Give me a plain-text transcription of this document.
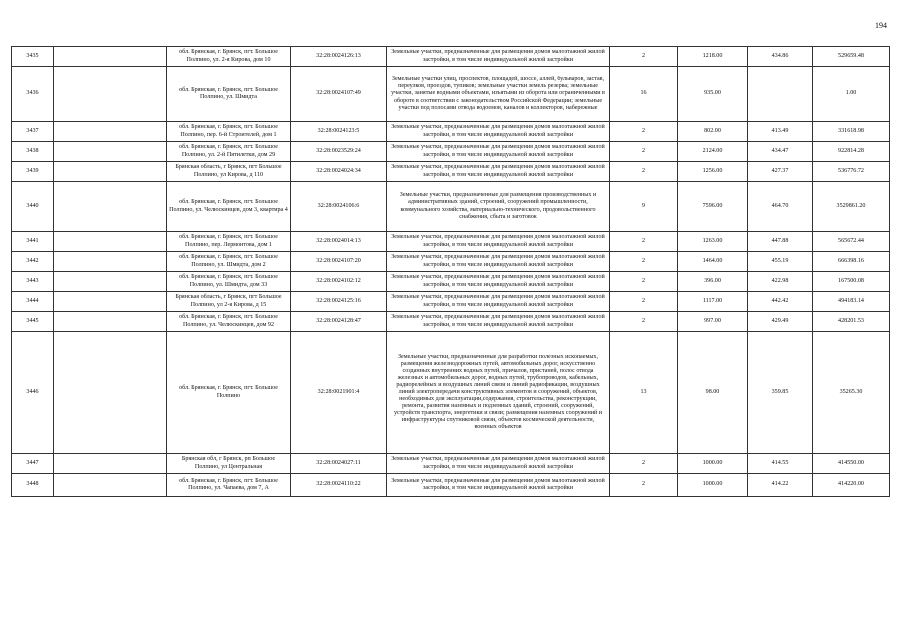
194
3435		обл. Брянская, г. Брянск, пгт. Большое Полпино, ул. 2-я Кирова, дом 10	32:28:0024126:13	Земельные участки, предназначенные для размещения домов малоэтажной жилой застройки, в том числе индивидуальной жилой застройки	2	1218.00	434.86	529659.48
3436		обл. Брянская, г. Брянск, пгт. Большое Полпино, ул. Шмидта	32:28:0024107:49	Земельные участки улиц, проспектов, площадей, шоссе, аллей, бульваров, застав, переулков, проездов, тупиков; земельные участки земель резерва; земельные участки, занятые водными объектами, изъятыми из оборота или ограниченными в обороте в соответствии с законодательством Российской Федерации; земельные участки под полосами отвода водоемов, каналов и коллекторов, набережные	16	935.00		1.00
3437		обл. Брянская, г. Брянск, пгт. Большое Полпино, пер. 6-й Строителей, дом 1	32:28:0024123:5	Земельные участки, предназначенные для размещения домов малоэтажной жилой застройки, в том числе индивидуальной жилой застройки	2	802.00	413.49	331618.98
3438		обл. Брянская, г. Брянск, пгт. Большое Полпино, ул. 2-й Пятилетки, дом 29	32:28:0023529:24	Земельные участки, предназначенные для размещения домов малоэтажной жилой застройки, в том числе индивидуальной жилой застройки	2	2124.00	434.47	922814.28
3439		Брянская область, г Брянск, пгт Большое Полпино, ул Кирова, д 110	32:28:0024024:34	Земельные участки, предназначенные для размещения домов малоэтажной жилой застройки, в том числе индивидуальной жилой застройки	2	1256.00	427.37	536776.72
3440		обл. Брянская, г. Брянск, пгт. Большое Полпино, ул. Челюскинцев, дом 3, квартира 4	32:28:0024106:6	Земельные участки, предназначенные для размещения производственных и административных зданий, строений, сооружений промышленности, коммунального хозяйства, материально-технического, продовольственного снабжения, сбыта и заготовок	9	7596.00	464.70	3529861.20
3441		обл. Брянская, г. Брянск, пгт. Большое Полпино, пер. Лермонтова, дом 1	32:28:0024014:13	Земельные участки, предназначенные для размещения домов малоэтажной жилой застройки, в том числе индивидуальной жилой застройки	2	1263.00	447.88	565672.44
3442		обл. Брянская, г. Брянск, пгт. Большое Полпино, ул. Шмидта, дом 2	32:28:0024107:20	Земельные участки, предназначенные для размещения домов малоэтажной жилой застройки, в том числе индивидуальной жилой застройки	2	1464.00	455.19	666398.16
3443		обл. Брянская, г. Брянск, пгт. Большое Полпино, ул. Шмидта, дом 33	32:28:0024102:12	Земельные участки, предназначенные для размещения домов малоэтажной жилой застройки, в том числе индивидуальной жилой застройки	2	396.00	422.98	167500.08
3444		Брянская область, г Брянск, пгт Большое Полпино, ул 2-я Кирова, д 15	32:28:0024125:16	Земельные участки, предназначенные для размещения домов малоэтажной жилой застройки, в том числе индивидуальной жилой застройки	2	1117.00	442.42	494183.14
3445		обл. Брянская, г. Брянск, пгт. Большое Полпино, ул. Челюскинцев, дом 92	32:28:0024128:47	Земельные участки, предназначенные для размещения домов малоэтажной жилой застройки, в том числе индивидуальной жилой застройки	2	997.00	429.49	428201.53
3446		обл. Брянская, г. Брянск, пгт. Большое Полпино	32:28:0021901:4	Земельные участки, предназначенные для разработки полезных ископаемых, размещения железнодорожных путей, автомобильных дорог, искусственно созданных внутренних водных путей, причалов, пристаней, полос отвода железных и автомобильных дорог, водных путей, трубопроводов, кабельных, радиорелейных и воздушных линий связи и линий радиофикации, воздушных линий электропередачи конструктивных элементов и сооружений, объектов, необходимых для эксплуатации,содержания, строительства, реконструкции, ремонта, развития наземных и подземных зданий, строений, сооружений, устройств транспорта, энергетики и связи; размещения наземных сооружений и инфраструктуры спутниковой связи, объектов космической деятельности, военных объектов	13	98.00	359.85	35265.30
3447		Брянская обл, г Брянск, рп Большое Полпино, ул Центральная	32:28:0024027:11	Земельные участки, предназначенные для размещения домов малоэтажной жилой застройки, в том числе индивидуальной жилой застройки	2	1000.00	414.55	414550.00
3448		обл. Брянская, г. Брянск, пгт. Большое Полпино, ул. Чапаева, дом 7, А	32:28:0024110:22	Земельные участки, предназначенные для размещения домов малоэтажной жилой застройки, в том числе индивидуальной жилой застройки	2	1000.00	414.22	414220.00
